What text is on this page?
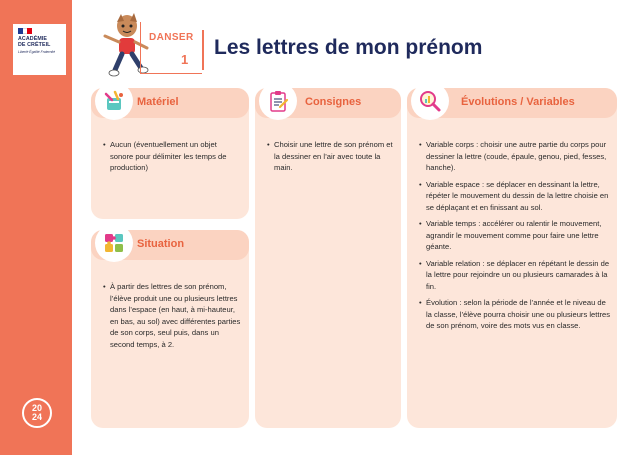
ACADÉMIE
DE CRÉTEIL
Liberté Égalité Fraternité
20
24
DANSER
1
Les lettres de mon prénom
Matériel
• Aucun (éventuellement un objet sonore pour délimiter les temps de production)
Situation
• À partir des lettres de son prénom, l’élève produit une ou plusieurs lettres dans l’espace (en haut, à mi-hauteur, en bas, au sol) avec différentes parties de son corps, seul puis, dans un second temps, à 2.
Consignes
• Choisir une lettre de son prénom et la dessiner en l’air avec toute la main.
Évolutions / Variables
• Variable corps : choisir une autre partie du corps pour dessiner la lettre (coude, épaule, genou, pied, fesses, hanche).
• Variable espace : se déplacer en dessinant la lettre, répéter le mouvement du dessin de la lettre choisie en se déplaçant et en finissant au sol.
• Variable temps : accélérer ou ralentir le mouvement, agrandir le mouvement comme pour faire une lettre géante.
• Variable relation : se déplacer en répétant le dessin de la lettre pour rejoindre un ou plusieurs camarades à la fin.
• Évolution : selon la période de l’année et le niveau de la classe, l’élève pourra choisir une ou plusieurs lettres de son prénom, voire des mots vus en classe.
